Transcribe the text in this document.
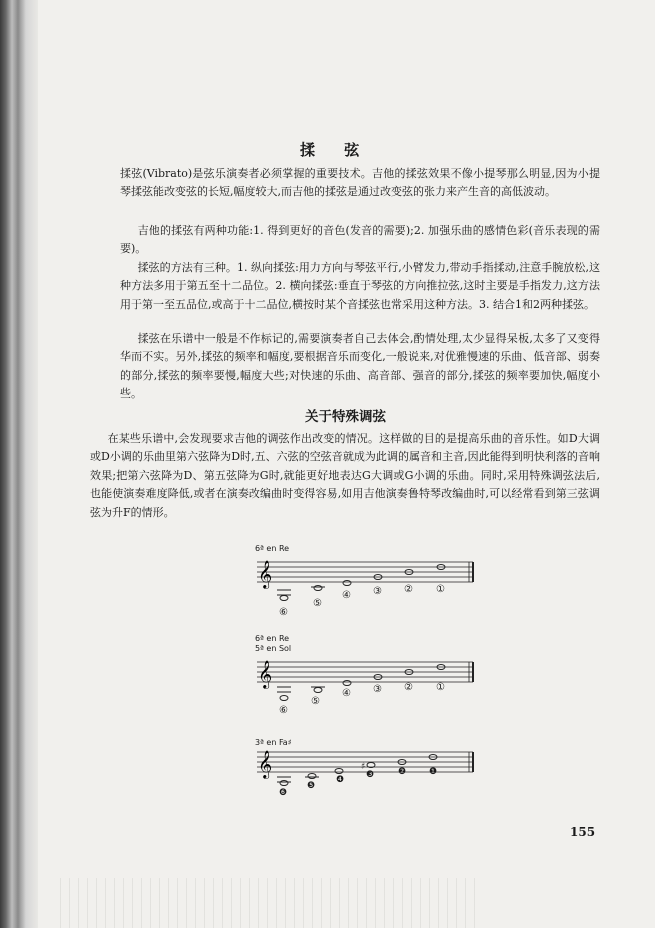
揉 弦

揉弦(Vibrato)是弦乐演奏者必须掌握的重要技术。吉他的揉弦效果不像小提琴那么明显,因为小提琴揉弦能改变弦的长短,幅度较大,而吉他的揉弦是通过改变弦的张力来产生音的高低波动。

吉他的揉弦有两种功能:1. 得到更好的音色(发音的需要);2. 加强乐曲的感情色彩(音乐表现的需要)。

揉弦的方法有三种。1. 纵向揉弦:用力方向与琴弦平行,小臂发力,带动手指揉动,注意手腕放松,这种方法多用于第五至十二品位。2. 横向揉弦:垂直于琴弦的方向推拉弦,这时主要是手指发力,这方法用于第一至五品位,或高于十二品位,横按时某个音揉弦也常采用这种方法。3. 结合1和2两种揉弦。

揉弦在乐谱中一般是不作标记的,需要演奏者自己去体会,酌情处理,太少显得呆板,太多了又变得华而不实。另外,揉弦的频率和幅度,要根据音乐而变化,一般说来,对优雅慢速的乐曲、低音部、弱奏的部分,揉弦的频率要慢,幅度大些;对快速的乐曲、高音部、强音的部分,揉弦的频率要加快,幅度小些。

关于特殊调弦

在某些乐谱中,会发现要求吉他的调弦作出改变的情况。这样做的目的是提高乐曲的音乐性。如D大调或D小调的乐曲里第六弦降为D时,五、六弦的空弦音就成为此调的属音和主音,因此能得到明快利落的音响效果;把第六弦降为D、第五弦降为G时,就能更好地表达G大调或G小调的乐曲。同时,采用特殊调弦法后,也能使演奏难度降低,或者在演奏改编曲时变得容易,如用吉他演奏鲁特琴改编曲时,可以经常看到第三弦调弦为升F的情形。

6ª en Re
𝄞
⑥
⑤
④ ③ ② ①
6ª en Re
5ª en Sol
𝄞
⑥
⑤
④ ③ ② ①
3ª en Fa♯
𝄞	♯
❻
❺
❹ ❸	❷	❶
155
